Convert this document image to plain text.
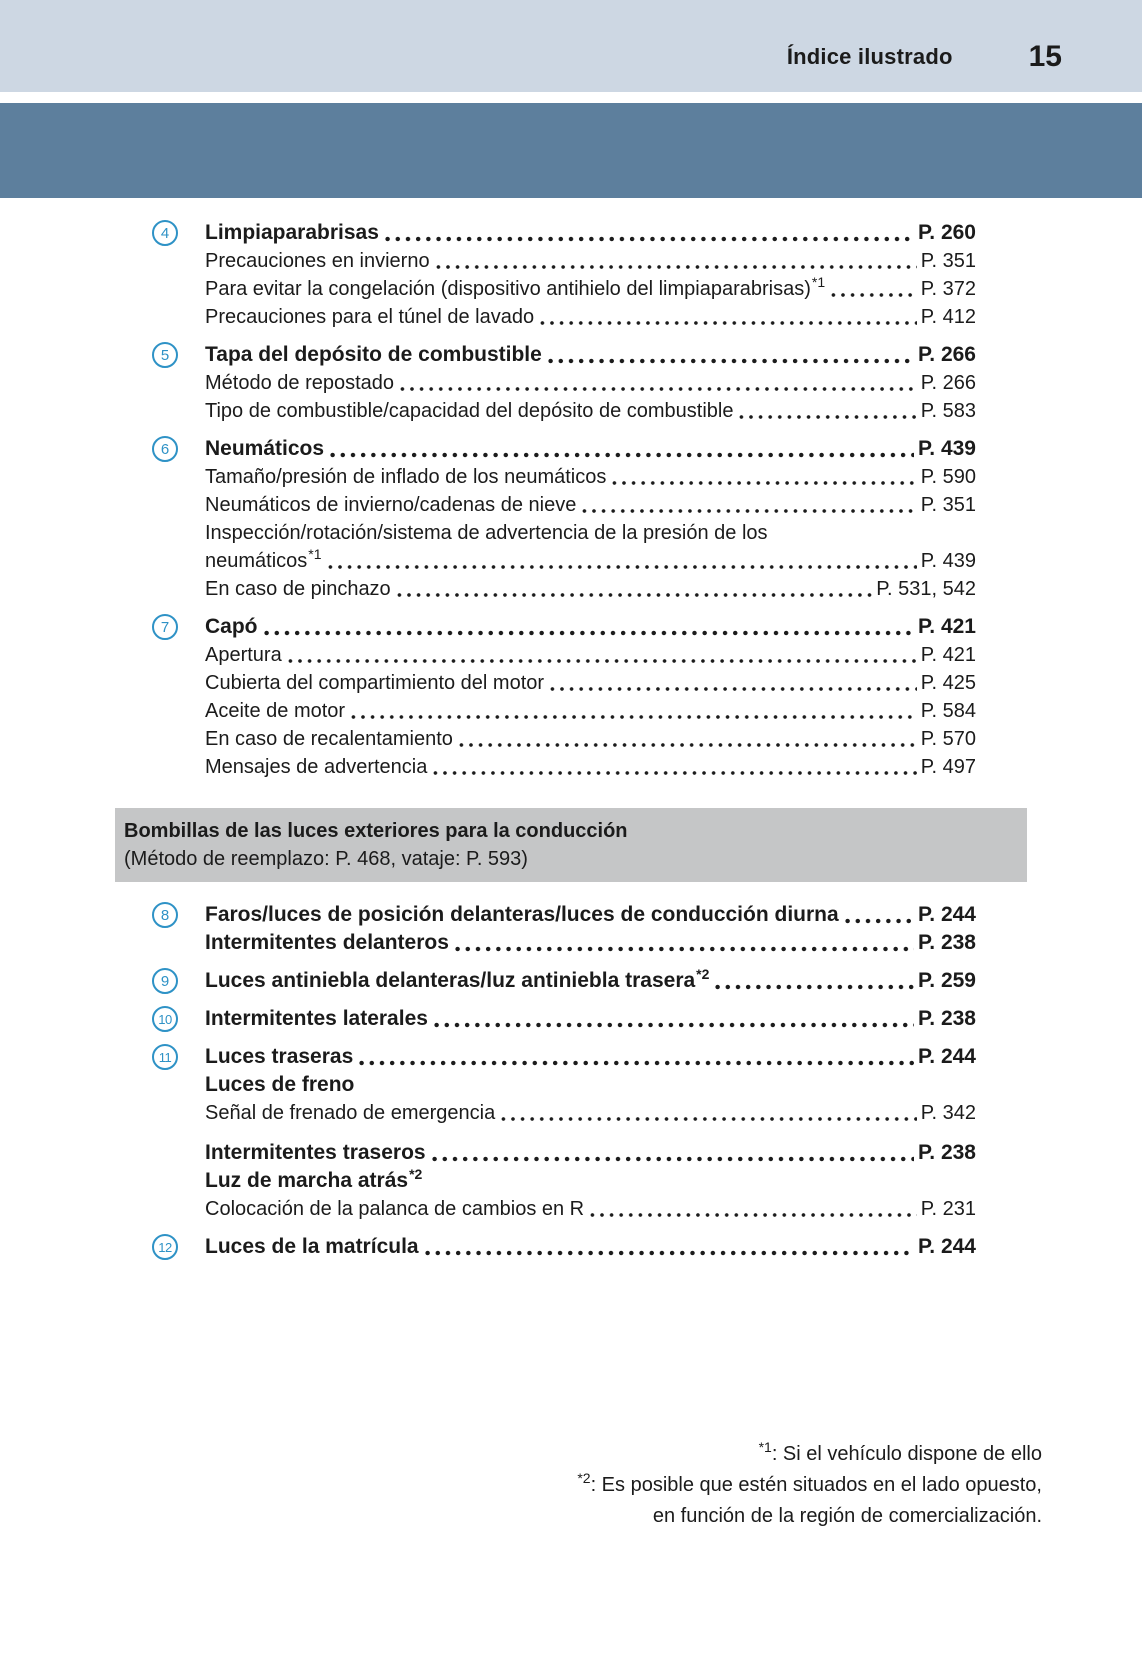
Índice ilustrado	15
4	Limpiaparabrisas	P. 260
Precauciones en invierno	P. 351
Para evitar la congelación (dispositivo antihielo del limpiaparabrisas) *1	P. 372
Precauciones para el túnel de lavado	P. 412
5	Tapa del depósito de combustible	P. 266
Método de repostado	P. 266
Tipo de combustible/capacidad del depósito de combustible	P. 583
6	Neumáticos	P. 439
Tamaño/presión de inflado de los neumáticos	P. 590
Neumáticos de invierno/cadenas de nieve	P. 351
Inspección/rotación/sistema de advertencia de la presión de los
neumáticos *1	P. 439
En caso de pinchazo	P. 531, 542
7	Capó	P. 421
Apertura	P. 421
Cubierta del compartimiento del motor	P. 425
Aceite de motor	P. 584
En caso de recalentamiento	P. 570
Mensajes de advertencia	P. 497
Bombillas de las luces exteriores para la conducción
(Método de reemplazo: P. 468, vataje: P. 593)
8	Faros/luces de posición delanteras/luces de conducción diurna	P. 244
Intermitentes delanteros	P. 238
9	Luces antiniebla delanteras/luz antiniebla trasera *2	P. 259
10 Intermitentes laterales	P. 238
11	Luces traseras	P. 244
Luces de freno
Señal de frenado de emergencia	P. 342
Intermitentes traseros	P. 238
Luz de marcha atrás *2
Colocación de la palanca de cambios en R	P. 231
12 Luces de la matrícula	P. 244
$^{*1}$: Si el vehículo dispone de ello
$^{*2}$: Es posible que estén situados en el lado opuesto,
en función de la región de comercialización.
